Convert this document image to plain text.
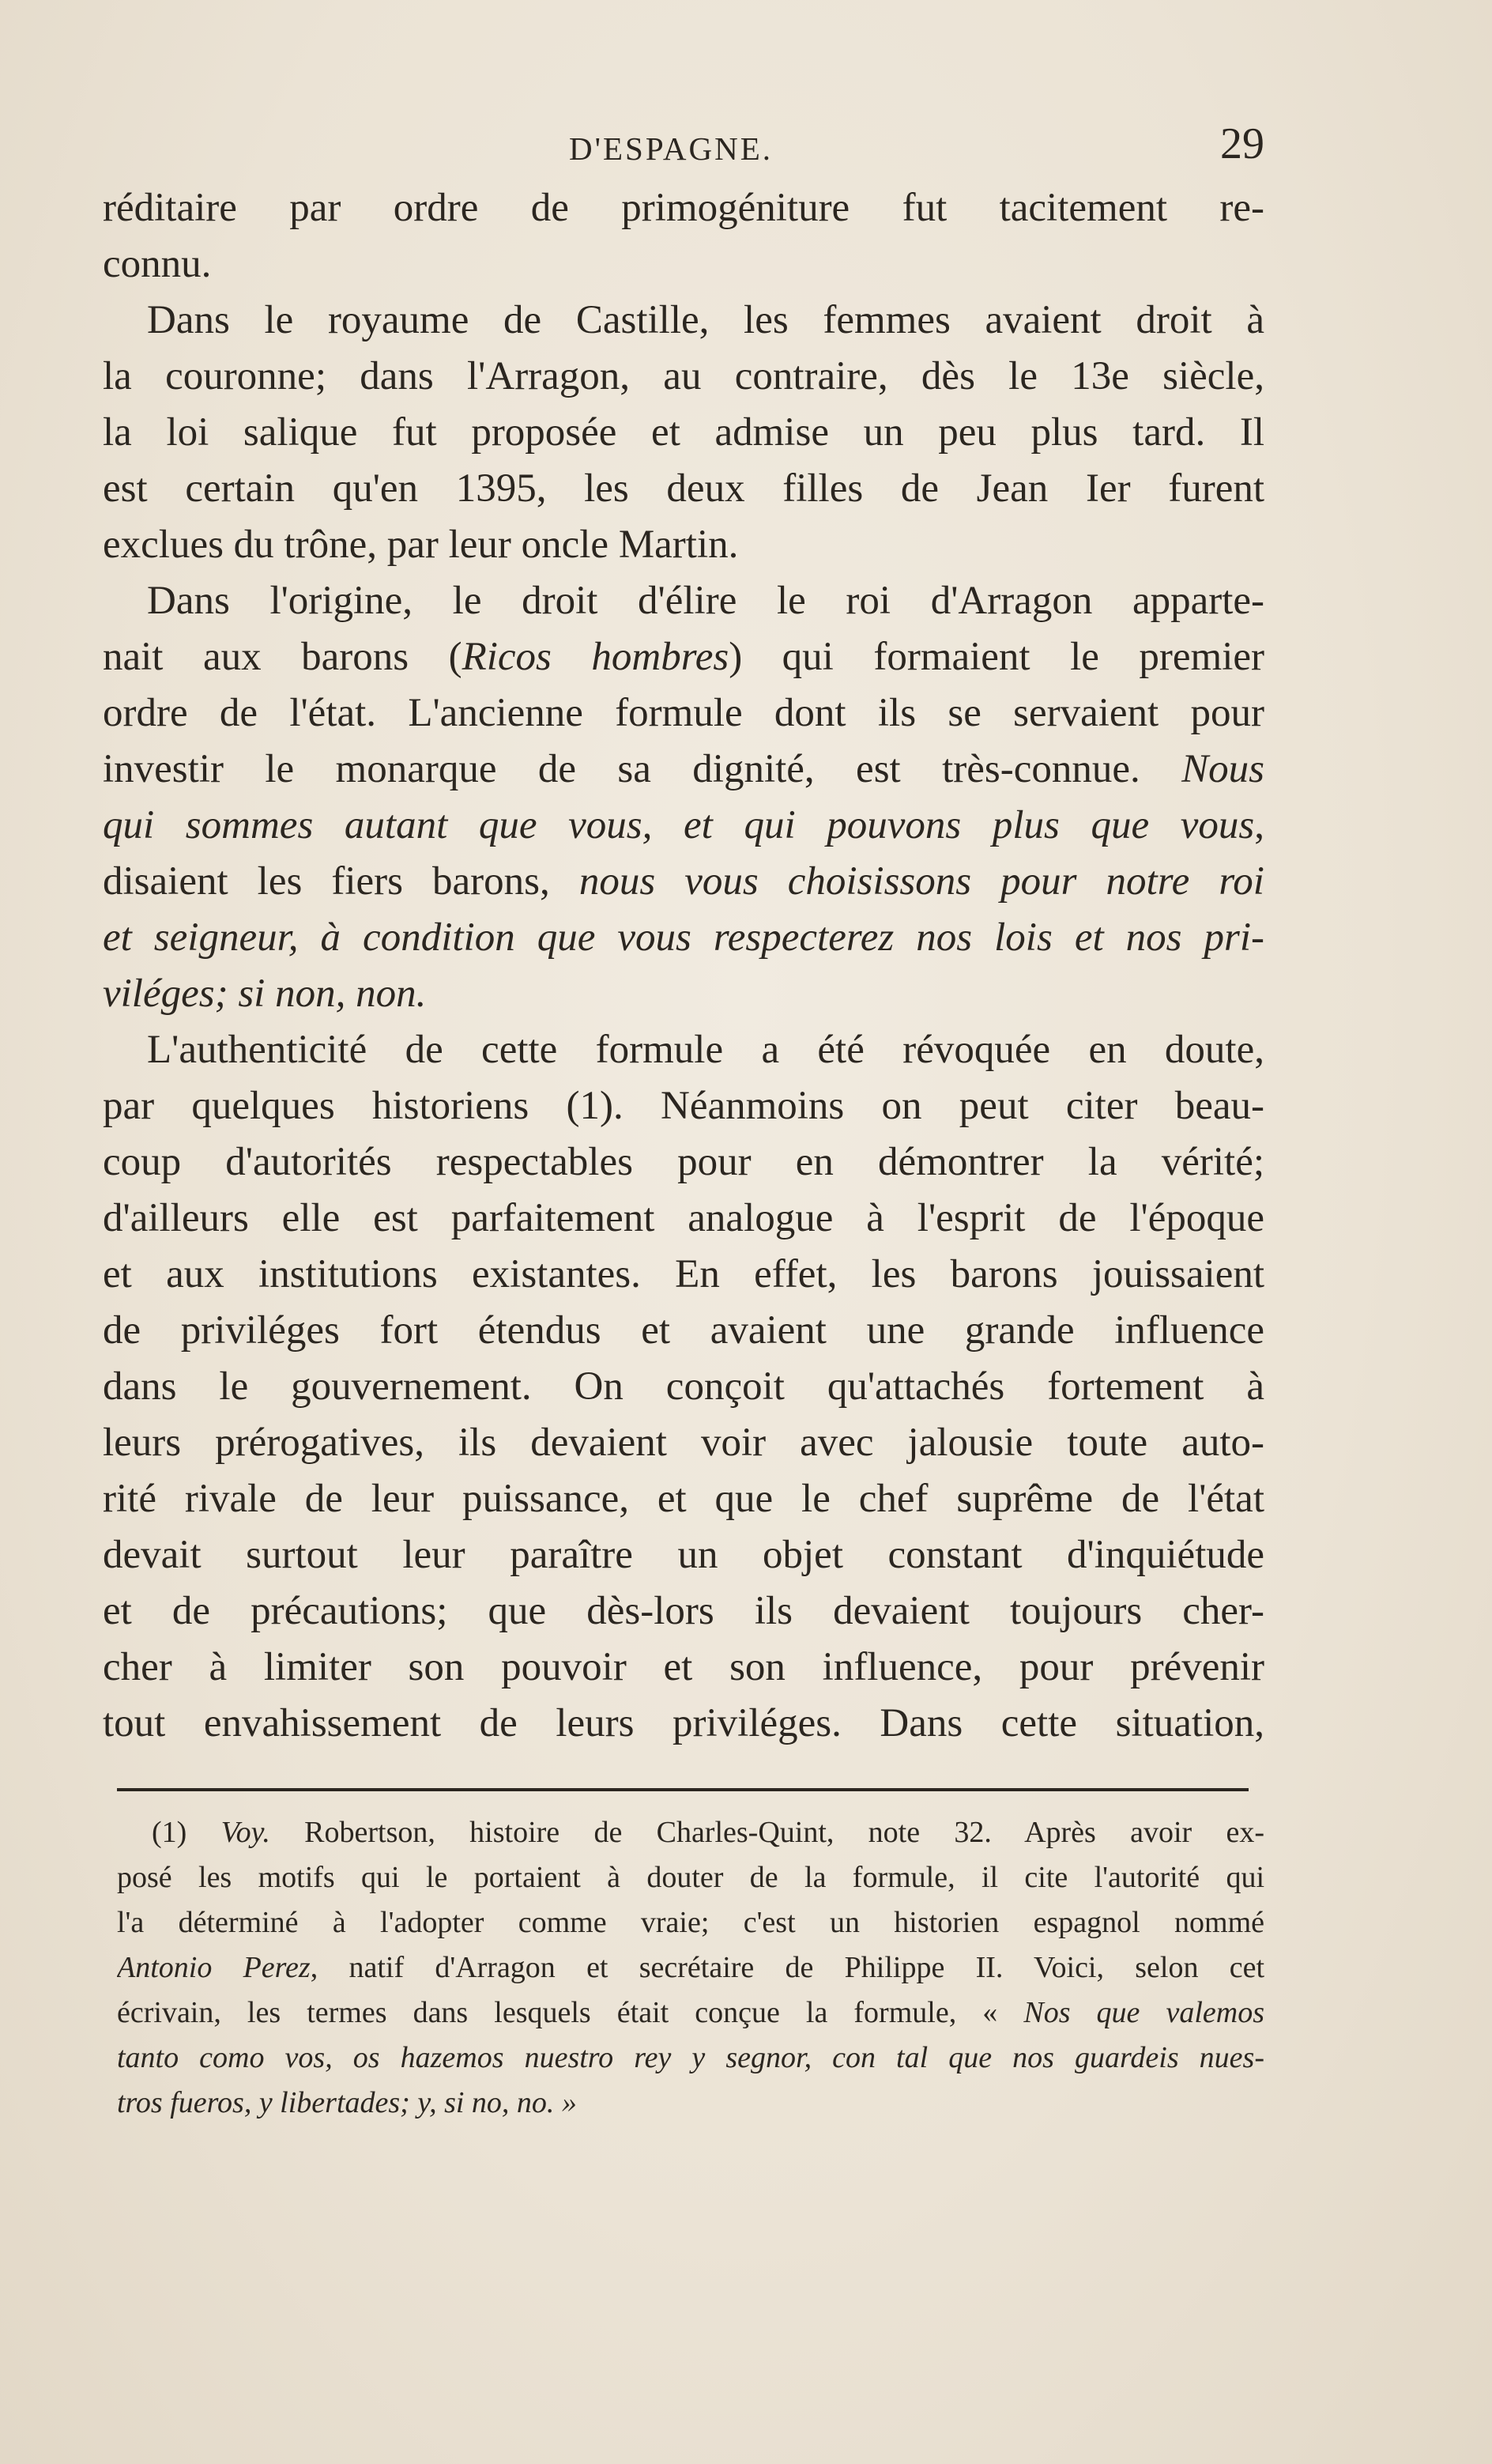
D'ESPAGNE.	29
réditaire par ordre de primogéniture fut tacitement re-
connu.
Dans le royaume de Castille, les femmes avaient droit à
la couronne; dans l'Arragon, au contraire, dès le 13e siècle,
la loi salique fut proposée et admise un peu plus tard. Il
est certain qu'en 1395, les deux filles de Jean Ier furent
exclues du trône, par leur oncle Martin.
Dans l'origine, le droit d'élire le roi d'Arragon apparte-
nait aux barons (Ricos hombres) qui formaient le premier
ordre de l'état. L'ancienne formule dont ils se servaient pour
investir le monarque de sa dignité, est très-connue. Nous
qui sommes autant que vous, et qui pouvons plus que vous,
disaient les fiers barons, nous vous choisissons pour notre roi
et seigneur, à condition que vous respecterez nos lois et nos pri-
viléges; si non, non.
L'authenticité de cette formule a été révoquée en doute,
par quelques historiens (1). Néanmoins on peut citer beau-
coup d'autorités respectables pour en démontrer la vérité;
d'ailleurs elle est parfaitement analogue à l'esprit de l'époque
et aux institutions existantes. En effet, les barons jouissaient
de priviléges fort étendus et avaient une grande influence
dans le gouvernement. On conçoit qu'attachés fortement à
leurs prérogatives, ils devaient voir avec jalousie toute auto-
rité rivale de leur puissance, et que le chef suprême de l'état
devait surtout leur paraître un objet constant d'inquiétude
et de précautions; que dès-lors ils devaient toujours cher-
cher à limiter son pouvoir et son influence, pour prévenir
tout envahissement de leurs priviléges. Dans cette situation,
(1) Voy. Robertson, histoire de Charles-Quint, note 32. Après avoir ex-
posé les motifs qui le portaient à douter de la formule, il cite l'autorité qui
l'a déterminé à l'adopter comme vraie; c'est un historien espagnol nommé
Antonio Perez, natif d'Arragon et secrétaire de Philippe II. Voici, selon cet
écrivain, les termes dans lesquels était conçue la formule, « Nos que valemos
tanto como vos, os hazemos nuestro rey y segnor, con tal que nos guardeis nues-
tros fueros, y libertades; y, si no, no. »
